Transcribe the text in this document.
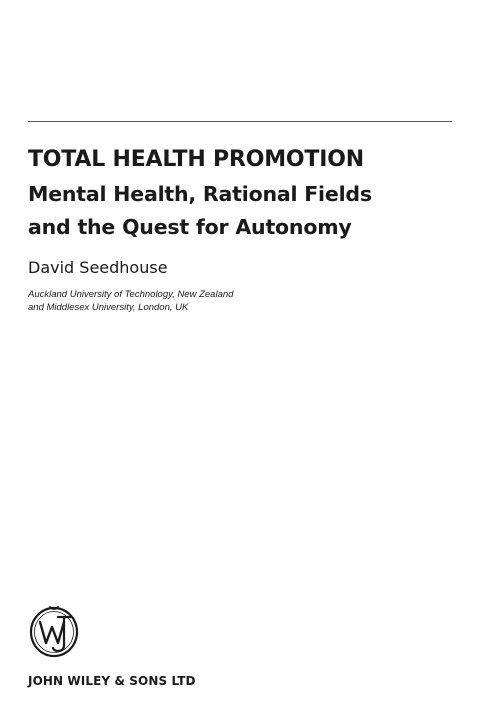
TOTAL HEALTH PROMOTION
Mental Health, Rational Fields
and the Quest for Autonomy
David Seedhouse
Auckland University of Technology, New Zealand
and Middlesex University, London, UK
JOHN WILEY & SONS LTD
